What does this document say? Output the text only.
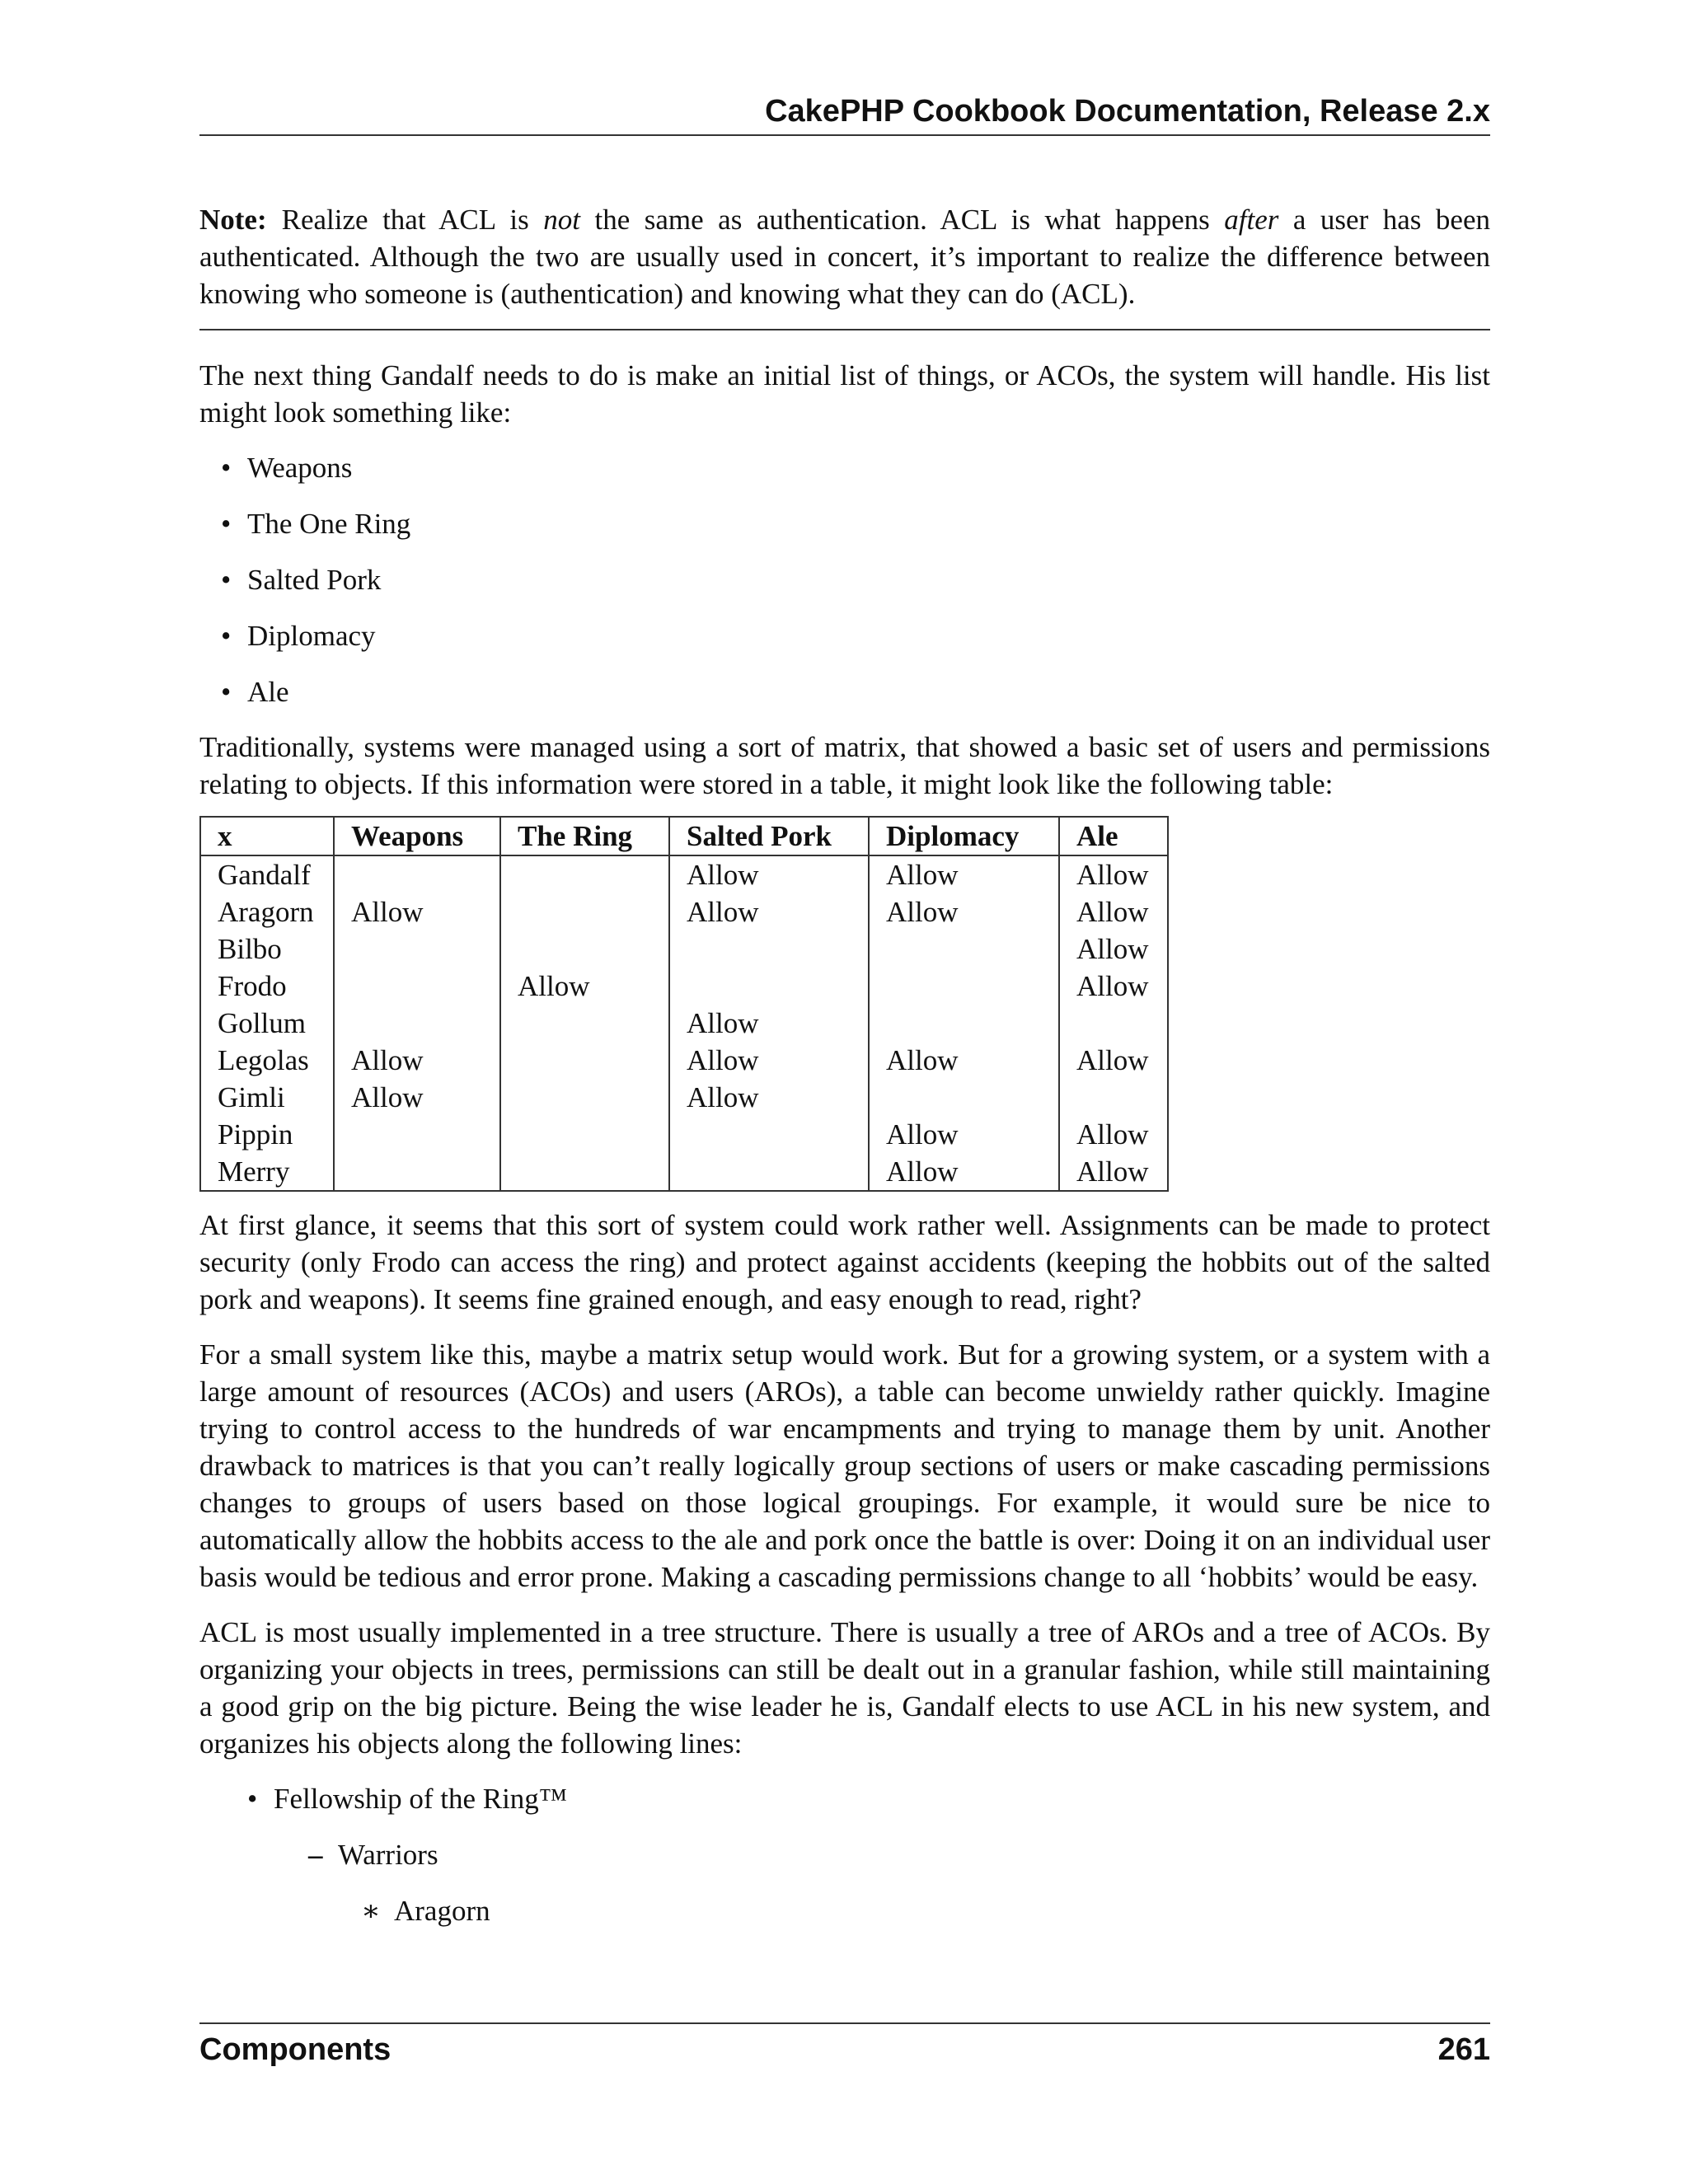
CakePHP Cookbook Documentation, Release 2.x

Note: Realize that ACL is not the same as authentication. ACL is what happens after a user has been authenticated. Although the two are usually used in concert, it’s important to realize the difference between knowing who someone is (authentication) and knowing what they can do (ACL).

The next thing Gandalf needs to do is make an initial list of things, or ACOs, the system will handle. His list might look something like:

• Weapons
• The One Ring
• Salted Pork
• Diplomacy
• Ale

Traditionally, systems were managed using a sort of matrix, that showed a basic set of users and permissions relating to objects. If this information were stored in a table, it might look like the following table:

x	Weapons	The Ring	Salted Pork	Diplomacy	Ale
Gandalf			Allow	Allow	Allow
Aragorn	Allow		Allow	Allow	Allow
Bilbo					Allow
Frodo		Allow			Allow
Gollum			Allow		
Legolas	Allow		Allow	Allow	Allow
Gimli	Allow		Allow		
Pippin				Allow	Allow
Merry				Allow	Allow

At first glance, it seems that this sort of system could work rather well. Assignments can be made to protect security (only Frodo can access the ring) and protect against accidents (keeping the hobbits out of the salted pork and weapons). It seems fine grained enough, and easy enough to read, right?

For a small system like this, maybe a matrix setup would work. But for a growing system, or a system with a large amount of resources (ACOs) and users (AROs), a table can become unwieldy rather quickly. Imagine trying to control access to the hundreds of war encampments and trying to manage them by unit. Another drawback to matrices is that you can’t really logically group sections of users or make cascading permissions changes to groups of users based on those logical groupings. For example, it would sure be nice to automatically allow the hobbits access to the ale and pork once the battle is over: Doing it on an individual user basis would be tedious and error prone. Making a cascading permissions change to all ‘hobbits’ would be easy.

ACL is most usually implemented in a tree structure. There is usually a tree of AROs and a tree of ACOs. By organizing your objects in trees, permissions can still be dealt out in a granular fashion, while still maintaining a good grip on the big picture. Being the wise leader he is, Gandalf elects to use ACL in his new system, and organizes his objects along the following lines:

• Fellowship of the Ring™
– Warriors
∗ Aragorn
Components	261
